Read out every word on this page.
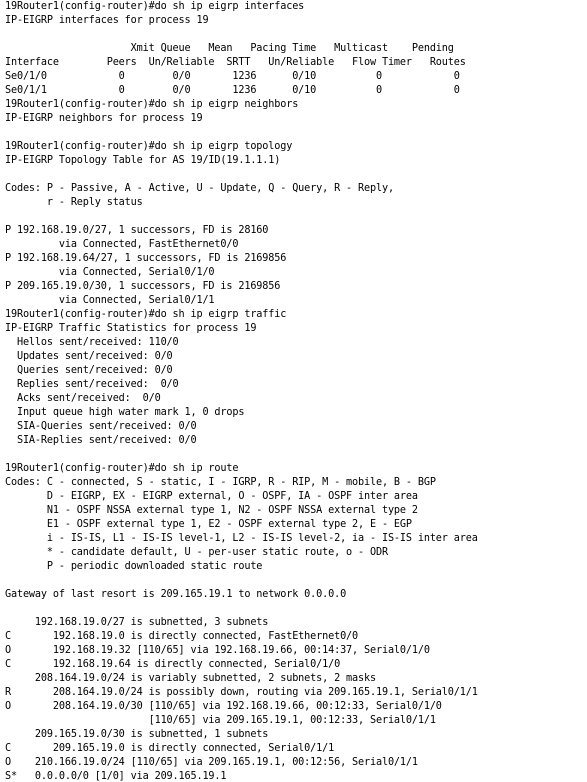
19Router1(config-router)#do sh ip eigrp interfaces
IP-EIGRP interfaces for process 19
Xmit Queue   Mean   Pacing Time   Multicast    Pending
Interface        Peers  Un/Reliable  SRTT   Un/Reliable   Flow Timer   Routes
Se0/1/0            0        0/0       1236      0/10          0            0
Se0/1/1            0        0/0       1236      0/10          0            0
19Router1(config-router)#do sh ip eigrp neighbors
IP-EIGRP neighbors for process 19
19Router1(config-router)#do sh ip eigrp topology
IP-EIGRP Topology Table for AS 19/ID(19.1.1.1)
Codes: P - Passive, A - Active, U - Update, Q - Query, R - Reply,
r - Reply status
P 192.168.19.0/27, 1 successors, FD is 28160
via Connected, FastEthernet0/0
P 192.168.19.64/27, 1 successors, FD is 2169856
via Connected, Serial0/1/0
P 209.165.19.0/30, 1 successors, FD is 2169856
via Connected, Serial0/1/1
19Router1(config-router)#do sh ip eigrp traffic
IP-EIGRP Traffic Statistics for process 19
Hellos sent/received: 110/0
Updates sent/received: 0/0
Queries sent/received: 0/0
Replies sent/received:  0/0
Acks sent/received:  0/0
Input queue high water mark 1, 0 drops
SIA-Queries sent/received: 0/0
SIA-Replies sent/received: 0/0
19Router1(config-router)#do sh ip route
Codes: C - connected, S - static, I - IGRP, R - RIP, M - mobile, B - BGP
D - EIGRP, EX - EIGRP external, O - OSPF, IA - OSPF inter area
N1 - OSPF NSSA external type 1, N2 - OSPF NSSA external type 2
E1 - OSPF external type 1, E2 - OSPF external type 2, E - EGP
i - IS-IS, L1 - IS-IS level-1, L2 - IS-IS level-2, ia - IS-IS inter area
* - candidate default, U - per-user static route, o - ODR
P - periodic downloaded static route
Gateway of last resort is 209.165.19.1 to network 0.0.0.0
192.168.19.0/27 is subnetted, 3 subnets
C       192.168.19.0 is directly connected, FastEthernet0/0
O       192.168.19.32 [110/65] via 192.168.19.66, 00:14:37, Serial0/1/0
C       192.168.19.64 is directly connected, Serial0/1/0
208.164.19.0/24 is variably subnetted, 2 subnets, 2 masks
R       208.164.19.0/24 is possibly down, routing via 209.165.19.1, Serial0/1/1
O       208.164.19.0/30 [110/65] via 192.168.19.66, 00:12:33, Serial0/1/0
[110/65] via 209.165.19.1, 00:12:33, Serial0/1/1
209.165.19.0/30 is subnetted, 1 subnets
C       209.165.19.0 is directly connected, Serial0/1/1
O    210.166.19.0/24 [110/65] via 209.165.19.1, 00:12:56, Serial0/1/1
S*   0.0.0.0/0 [1/0] via 209.165.19.1
